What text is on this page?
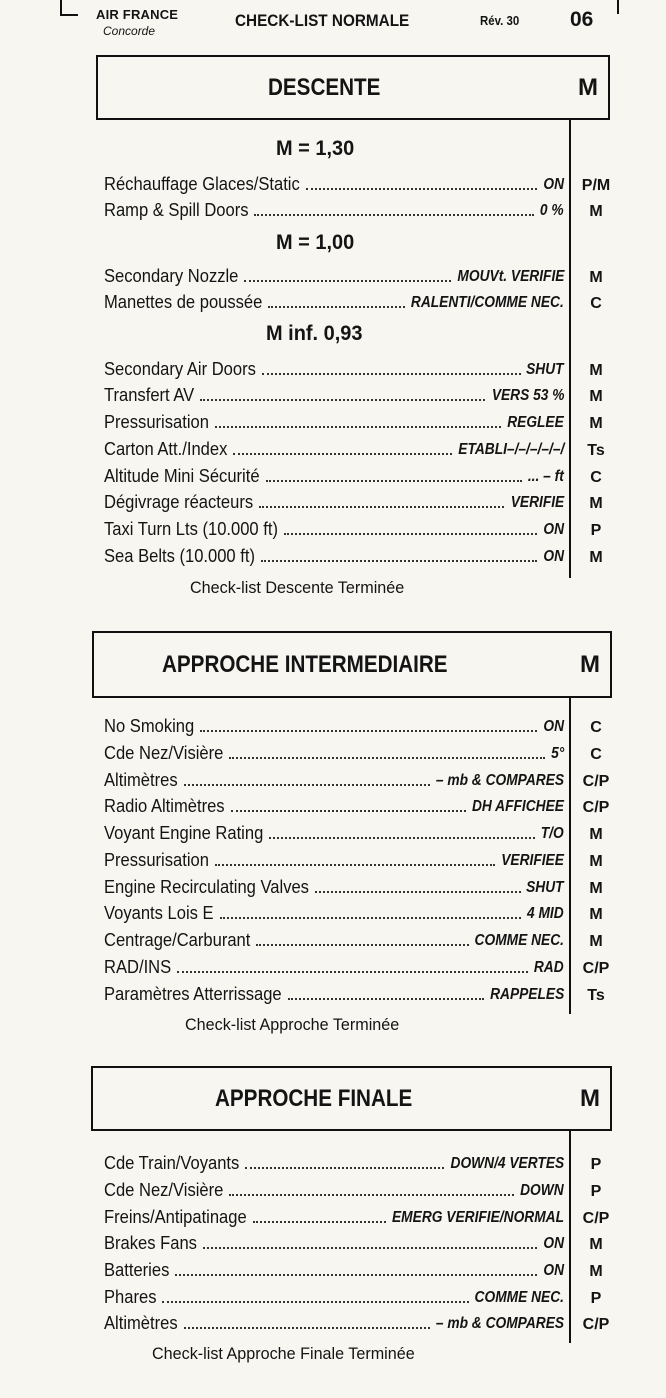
AIR FRANCE
Concorde
CHECK-LIST NORMALE	Rév. 30 06
DESCENTE	M
M = 1,30
M = 1,00
M inf. 0,93
Réchauffage Glaces/Static	ON	P/M
Ramp & Spill Doors	0 %	M
Secondary Nozzle	MOUVt. VERIFIE	M
Manettes de poussée	RALENTI/COMME NEC.	C
Secondary Air Doors	SHUT	M
Transfert AV	VERS 53 %	M
Pressurisation	REGLEE	M
Carton Att./Index	ETABLI–/–/–/–/–/	Ts
Altitude Mini Sécurité	... – ft	C
Dégivrage réacteurs	VERIFIE	M
Taxi Turn Lts (10.000 ft)	ON	P
Sea Belts (10.000 ft)	ON	M
Check-list Descente Terminée
APPROCHE INTERMEDIAIRE	M
No Smoking	ON	C
Cde Nez/Visière	5°	C
Altimètres	– mb & COMPARES	C/P
Radio Altimètres	DH AFFICHEE	C/P
Voyant Engine Rating	T/O	M
Pressurisation	VERIFIEE	M
Engine Recirculating Valves	SHUT	M
Voyants Lois E	4 MID	M
Centrage/Carburant	COMME NEC.	M
RAD/INS	RAD	C/P
Paramètres Atterrissage	RAPPELES	Ts
Check-list Approche Terminée
APPROCHE FINALE	M
Cde Train/Voyants	DOWN/4 VERTES	P
Cde Nez/Visière	DOWN	P
Freins/Antipatinage	EMERG VERIFIE/NORMAL	C/P
Brakes Fans	ON	M
Batteries	ON	M
Phares	COMME NEC.	P
Altimètres	– mb & COMPARES	C/P
Check-list Approche Finale Terminée
